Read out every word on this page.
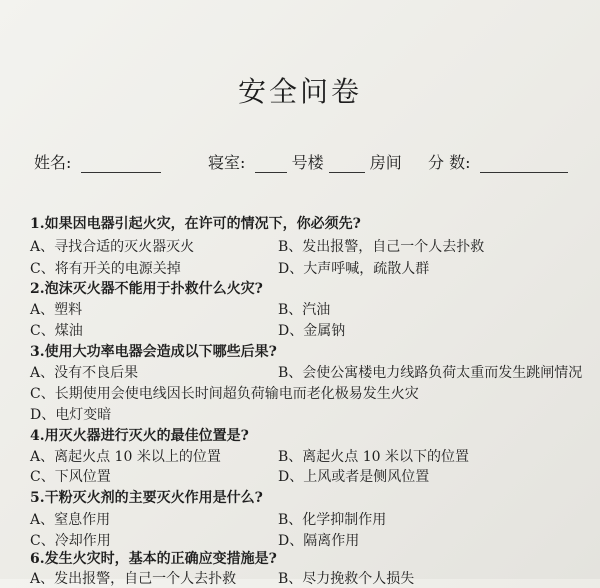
安全问卷
姓名:	寝室:	号楼	房间 分 数:
1.如果因电器引起火灾，在许可的情况下，你必须先?
A、寻找合适的灭火器灭火	B、发出报警，自己一个人去扑救
C、将有开关的电源关掉	D、大声呼喊，疏散人群
2.泡沫灭火器不能用于扑救什么火灾?
A、塑料	B、汽油
C、煤油	D、金属钠
3.使用大功率电器会造成以下哪些后果?
A、没有不良后果	B、会使公寓楼电力线路负荷太重而发生跳闸情况
C、长期使用会使电线因长时间超负荷输电而老化极易发生火灾
D、电灯变暗
4.用灭火器进行灭火的最佳位置是?
A、离起火点 10 米以上的位置	B、离起火点 10 米以下的位置
C、下风位置	D、上风或者是侧风位置
5.干粉灭火剂的主要灭火作用是什么?
A、窒息作用	B、化学抑制作用
C、冷却作用	D、隔离作用
6.发生火灾时，基本的正确应变措施是?
A、发出报警，自己一个人去扑救	B、尽力挽救个人损失
